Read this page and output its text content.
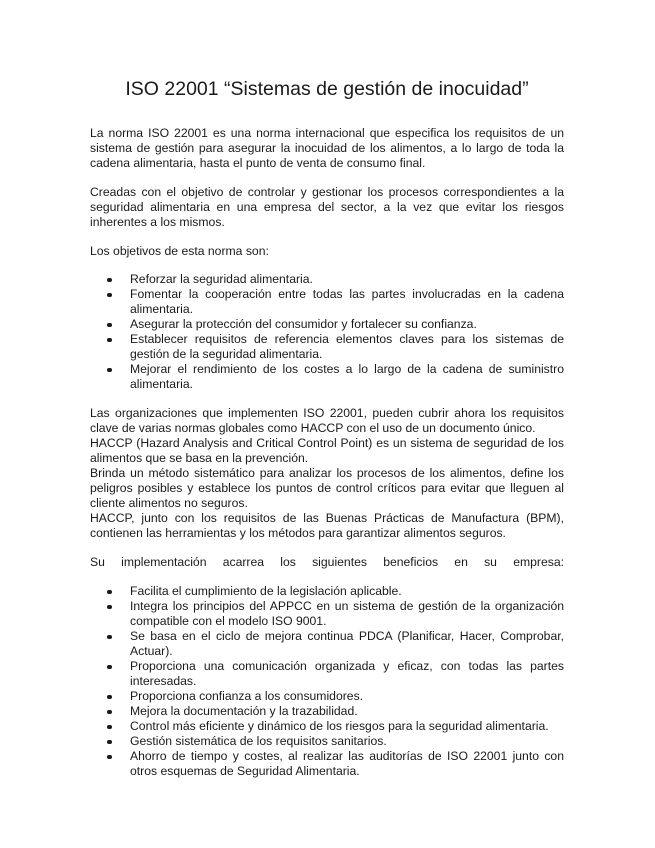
ISO 22001 “Sistemas de gestión de inocuidad”

La norma ISO 22001 es una norma internacional que especifica los requisitos de un sistema de gestión para asegurar la inocuidad de los alimentos, a lo largo de toda la cadena alimentaria, hasta el punto de venta de consumo final.

Creadas con el objetivo de controlar y gestionar los procesos correspondientes a la seguridad alimentaria en una empresa del sector, a la vez que evitar los riesgos inherentes a los mismos.

Los objetivos de esta norma son:

Reforzar la seguridad alimentaria.
Fomentar la cooperación entre todas las partes involucradas en la cadena alimentaria.
Asegurar la protección del consumidor y fortalecer su confianza.
Establecer requisitos de referencia elementos claves para los sistemas de gestión de la seguridad alimentaria.
Mejorar el rendimiento de los costes a lo largo de la cadena de suministro alimentaria.

Las organizaciones que implementen ISO 22001, pueden cubrir ahora los requisitos clave de varias normas globales como HACCP con el uso de un documento único.

HACCP (Hazard Analysis and Critical Control Point) es un sistema de seguridad de los alimentos que se basa en la prevención.

Brinda un método sistemático para analizar los procesos de los alimentos, define los peligros posibles y establece los puntos de control críticos para evitar que lleguen al cliente alimentos no seguros.

HACCP, junto con los requisitos de las Buenas Prácticas de Manufactura (BPM), contienen las herramientas y los métodos para garantizar alimentos seguros.

Su implementación acarrea los siguientes beneficios en su empresa:

Facilita el cumplimiento de la legislación aplicable.
Integra los principios del APPCC en un sistema de gestión de la organización compatible con el modelo ISO 9001.
Se basa en el ciclo de mejora continua PDCA (Planificar, Hacer, Comprobar, Actuar).
Proporciona una comunicación organizada y eficaz, con todas las partes interesadas.
Proporciona confianza a los consumidores.
Mejora la documentación y la trazabilidad.
Control más eficiente y dinámico de los riesgos para la seguridad alimentaria.
Gestión sistemática de los requisitos sanitarios.
Ahorro de tiempo y costes, al realizar las auditorías de ISO 22001 junto con otros esquemas de Seguridad Alimentaria.
